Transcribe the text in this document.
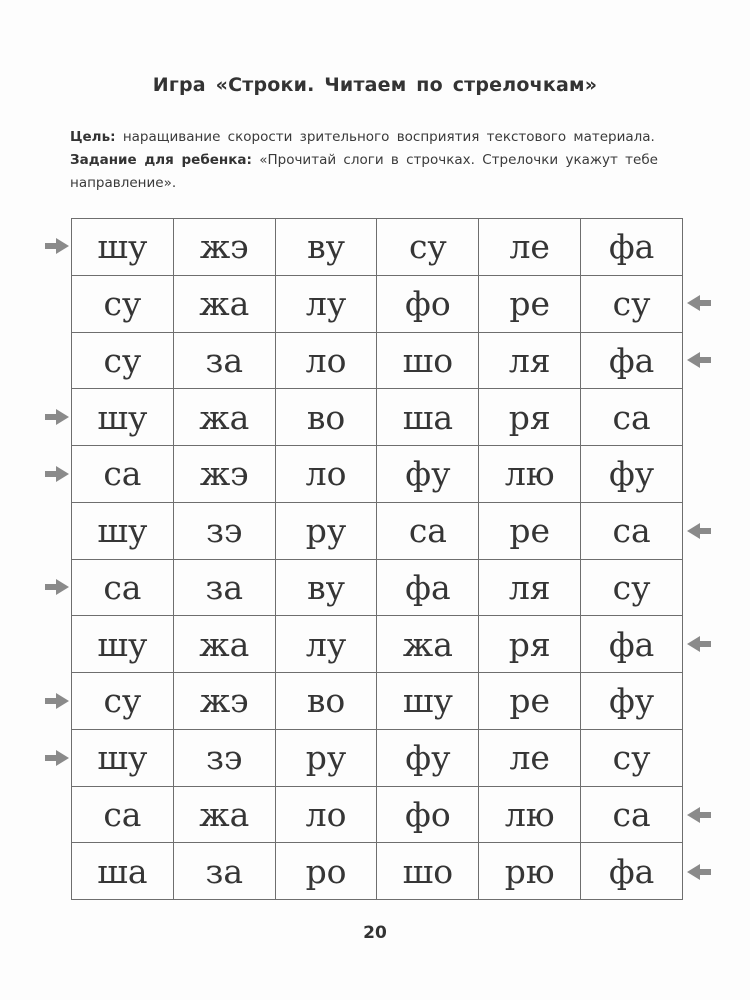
Игра «Строки. Читаем по стрелочкам»

Цель: наращивание скорости зрительного восприятия текстового материала.

Задание для ребенка: «Прочитай слоги в строчках. Стрелочки укажут тебе направление».

шу	жэ	ву	су	ле	фа
су	жа	лу	фо	ре	су
су	за	ло	шо	ля	фа
шу	жа	во	ша	ря	са
са	жэ	ло	фу	лю	фу
шу	зэ	ру	са	ре	са
са	за	ву	фа	ля	су
шу	жа	лу	жа	ря	фа
су	жэ	во	шу	ре	фу
шу	зэ	ру	фу	ле	су
са	жа	ло	фо	лю	са
ша	за	ро	шо	рю	фа
20
